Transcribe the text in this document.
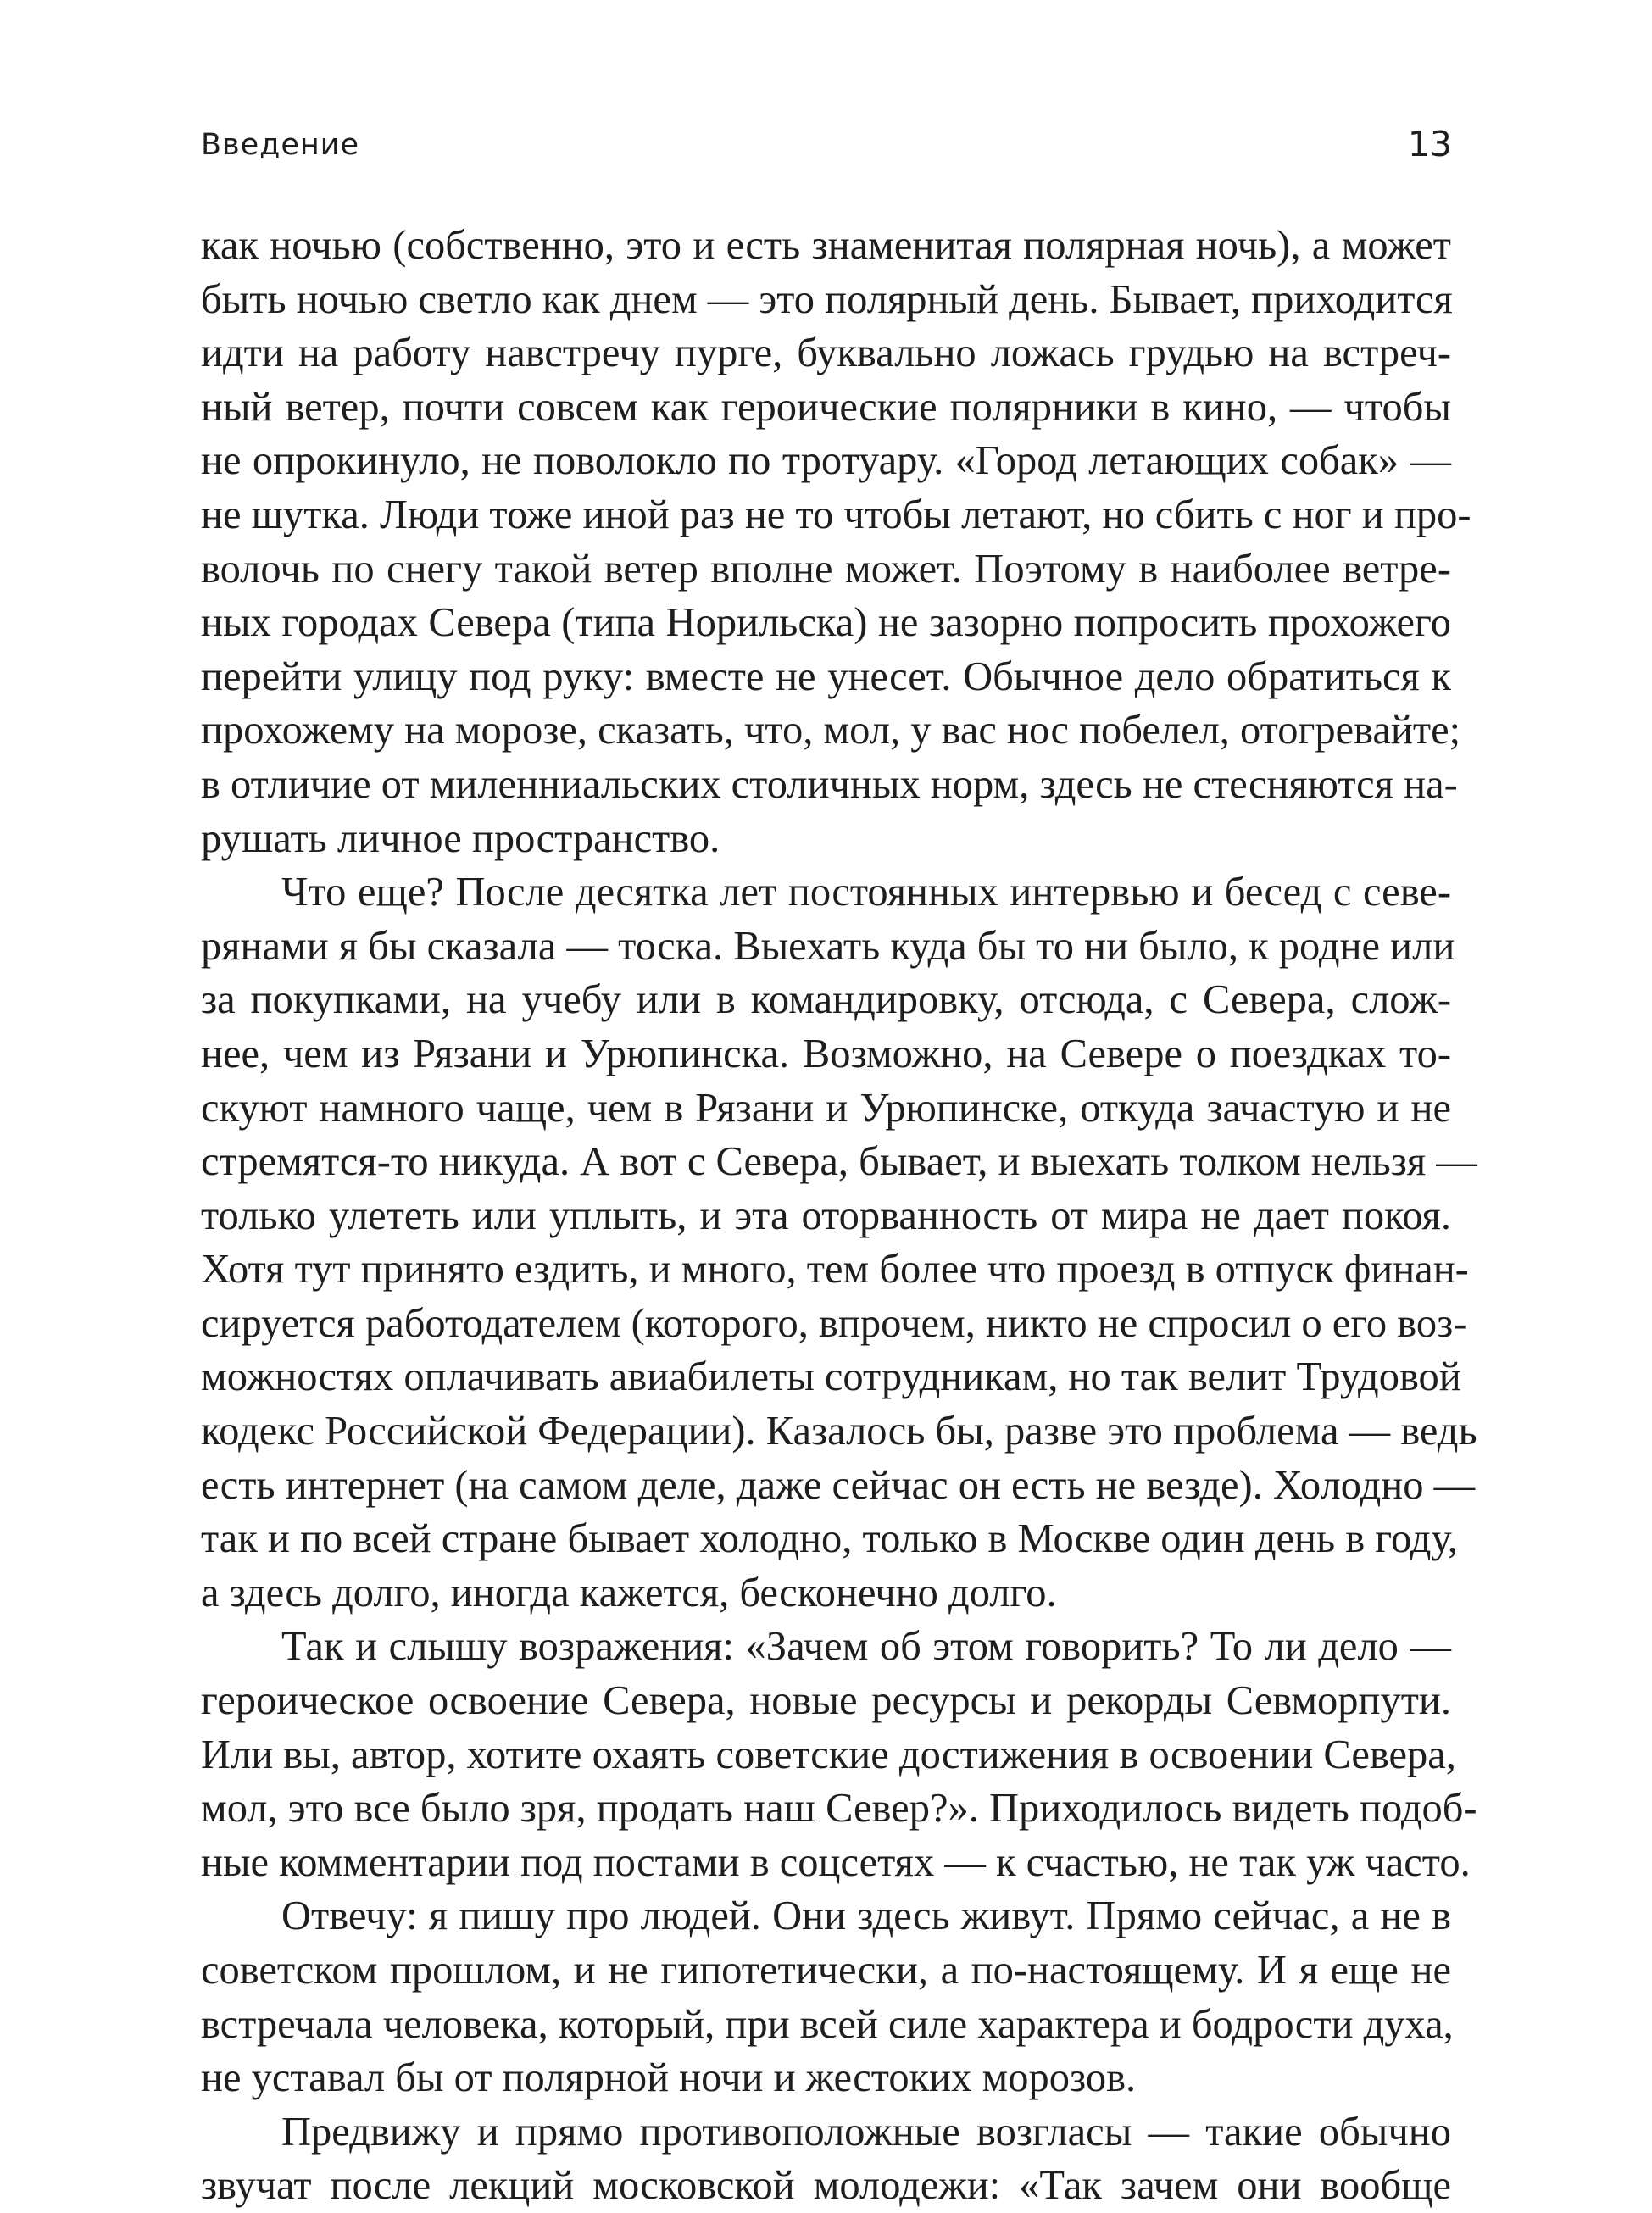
Введение	13

как ночью (собственно, это и есть знаменитая полярная ночь), а может
быть ночью светло как днем — это полярный день. Бывает, приходится
идти на работу навстречу пурге, буквально ложась грудью на встреч-
ный ветер, почти совсем как героические полярники в кино, — чтобы
не опрокинуло, не поволокло по тротуару. «Город летающих собак» —
не шутка. Люди тоже иной раз не то чтобы летают, но сбить с ног и про-
волочь по снегу такой ветер вполне может. Поэтому в наиболее ветре-
ных городах Севера (типа Норильска) не зазорно попросить прохожего
перейти улицу под руку: вместе не унесет. Обычное дело обратиться к
прохожему на морозе, сказать, что, мол, у вас нос побелел, отогревайте;
в отличие от миленниальских столичных норм, здесь не стесняются на-
рушать личное пространство.

Что еще? После десятка лет постоянных интервью и бесед с севе-
рянами я бы сказала — тоска. Выехать куда бы то ни было, к родне или
за покупками, на учебу или в командировку, отсюда, с Севера, слож-
нее, чем из Рязани и Урюпинска. Возможно, на Севере о поездках то-
скуют намного чаще, чем в Рязани и Урюпинске, откуда зачастую и не
стремятся-то никуда. А вот с Севера, бывает, и выехать толком нельзя —
только улететь или уплыть, и эта оторванность от мира не дает покоя.
Хотя тут принято ездить, и много, тем более что проезд в отпуск финан-
сируется работодателем (которого, впрочем, никто не спросил о его воз-
можностях оплачивать авиабилеты сотрудникам, но так велит Трудовой
кодекс Российской Федерации). Казалось бы, разве это проблема — ведь
есть интернет (на самом деле, даже сейчас он есть не везде). Холодно —
так и по всей стране бывает холодно, только в Москве один день в году,
а здесь долго, иногда кажется, бесконечно долго.

Так и слышу возражения: «Зачем об этом говорить? То ли дело —
героическое освоение Севера, новые ресурсы и рекорды Севморпути.
Или вы, автор, хотите охаять советские достижения в освоении Севера,
мол, это все было зря, продать наш Север?». Приходилось видеть подоб-
ные комментарии под постами в соцсетях — к счастью, не так уж часто.

Отвечу: я пишу про людей. Они здесь живут. Прямо сейчас, а не в
советском прошлом, и не гипотетически, а по-настоящему. И я еще не
встречала человека, который, при всей силе характера и бодрости духа,
не уставал бы от полярной ночи и жестоких морозов.

Предвижу и прямо противоположные возгласы — такие обычно
звучат после лекций московской молодежи: «Так зачем они вообще
